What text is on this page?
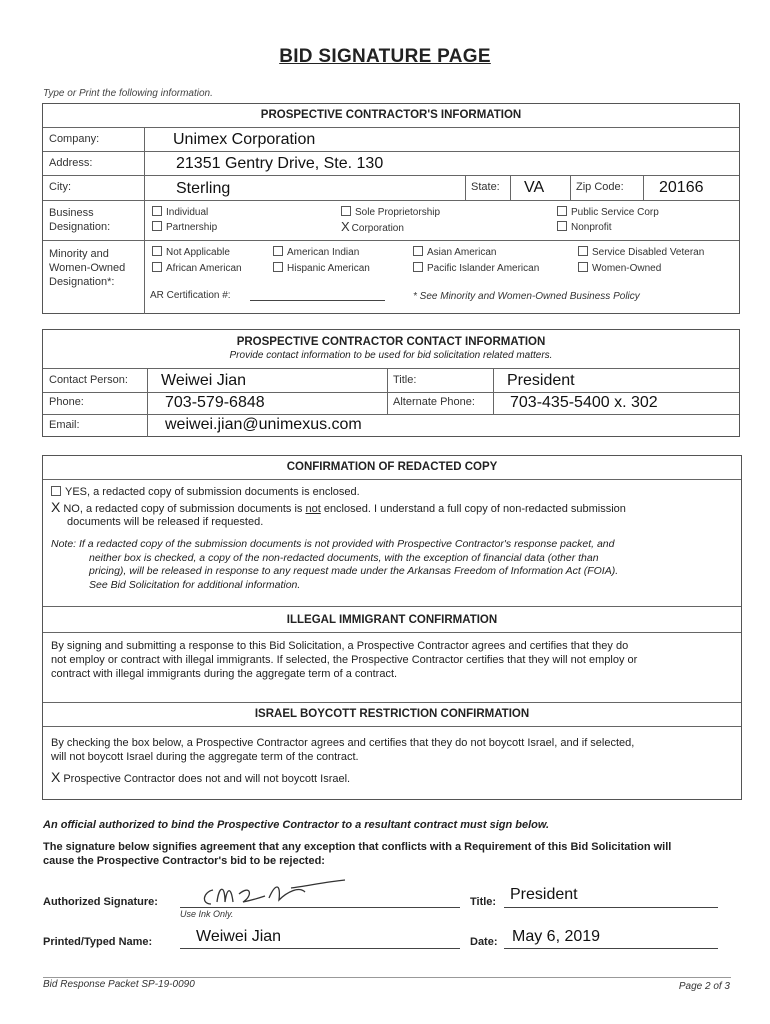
BID SIGNATURE PAGE
Type or Print the following information.
PROSPECTIVE CONTRACTOR'S INFORMATION
Company:	Unimex Corporation
Address:	21351 Gentry Drive, Ste. 130
City:	Sterling	State: VA	Zip Code: 20166
Business
Designation:
Individual	Sole Proprietorship	Public Service Corp
Partnership	X Corporation	Nonprofit
Minority and
Women-Owned
Designation*:
Not Applicable	American Indian	Asian American	Service Disabled Veteran
African American	Hispanic American	Pacific Islander American	Women-Owned
AR Certification #:	* See Minority and Women-Owned Business Policy
PROSPECTIVE CONTRACTOR CONTACT INFORMATION
Provide contact information to be used for bid solicitation related matters.
Contact Person: Weiwei Jian	Title:	President
Phone:	703-579-6848	Alternate Phone: 703-435-5400 x. 302
Email:	weiwei.jian@unimexus.com
CONFIRMATION OF REDACTED COPY
YES, a redacted copy of submission documents is enclosed.
X NO, a redacted copy of submission documents is not enclosed. I understand a full copy of non-redacted submission
documents will be released if requested.
Note: If a redacted copy of the submission documents is not provided with Prospective Contractor's response packet, and
neither box is checked, a copy of the non-redacted documents, with the exception of financial data (other than
pricing), will be released in response to any request made under the Arkansas Freedom of Information Act (FOIA).
See Bid Solicitation for additional information.
ILLEGAL IMMIGRANT CONFIRMATION
By signing and submitting a response to this Bid Solicitation, a Prospective Contractor agrees and certifies that they do
not employ or contract with illegal immigrants. If selected, the Prospective Contractor certifies that they will not employ or
contract with illegal immigrants during the aggregate term of a contract.
ISRAEL BOYCOTT RESTRICTION CONFIRMATION
By checking the box below, a Prospective Contractor agrees and certifies that they do not boycott Israel, and if selected,
will not boycott Israel during the aggregate term of the contract.
X Prospective Contractor does not and will not boycott Israel.
An official authorized to bind the Prospective Contractor to a resultant contract must sign below.
The signature below signifies agreement that any exception that conflicts with a Requirement of this Bid Solicitation will
cause the Prospective Contractor's bid to be rejected:
Authorized Signature:
Use Ink Only.
Title: President
Printed/Typed Name:	Weiwei Jian	Date: May 6, 2019
Bid Response Packet SP-19-0090	Page 2 of 3
